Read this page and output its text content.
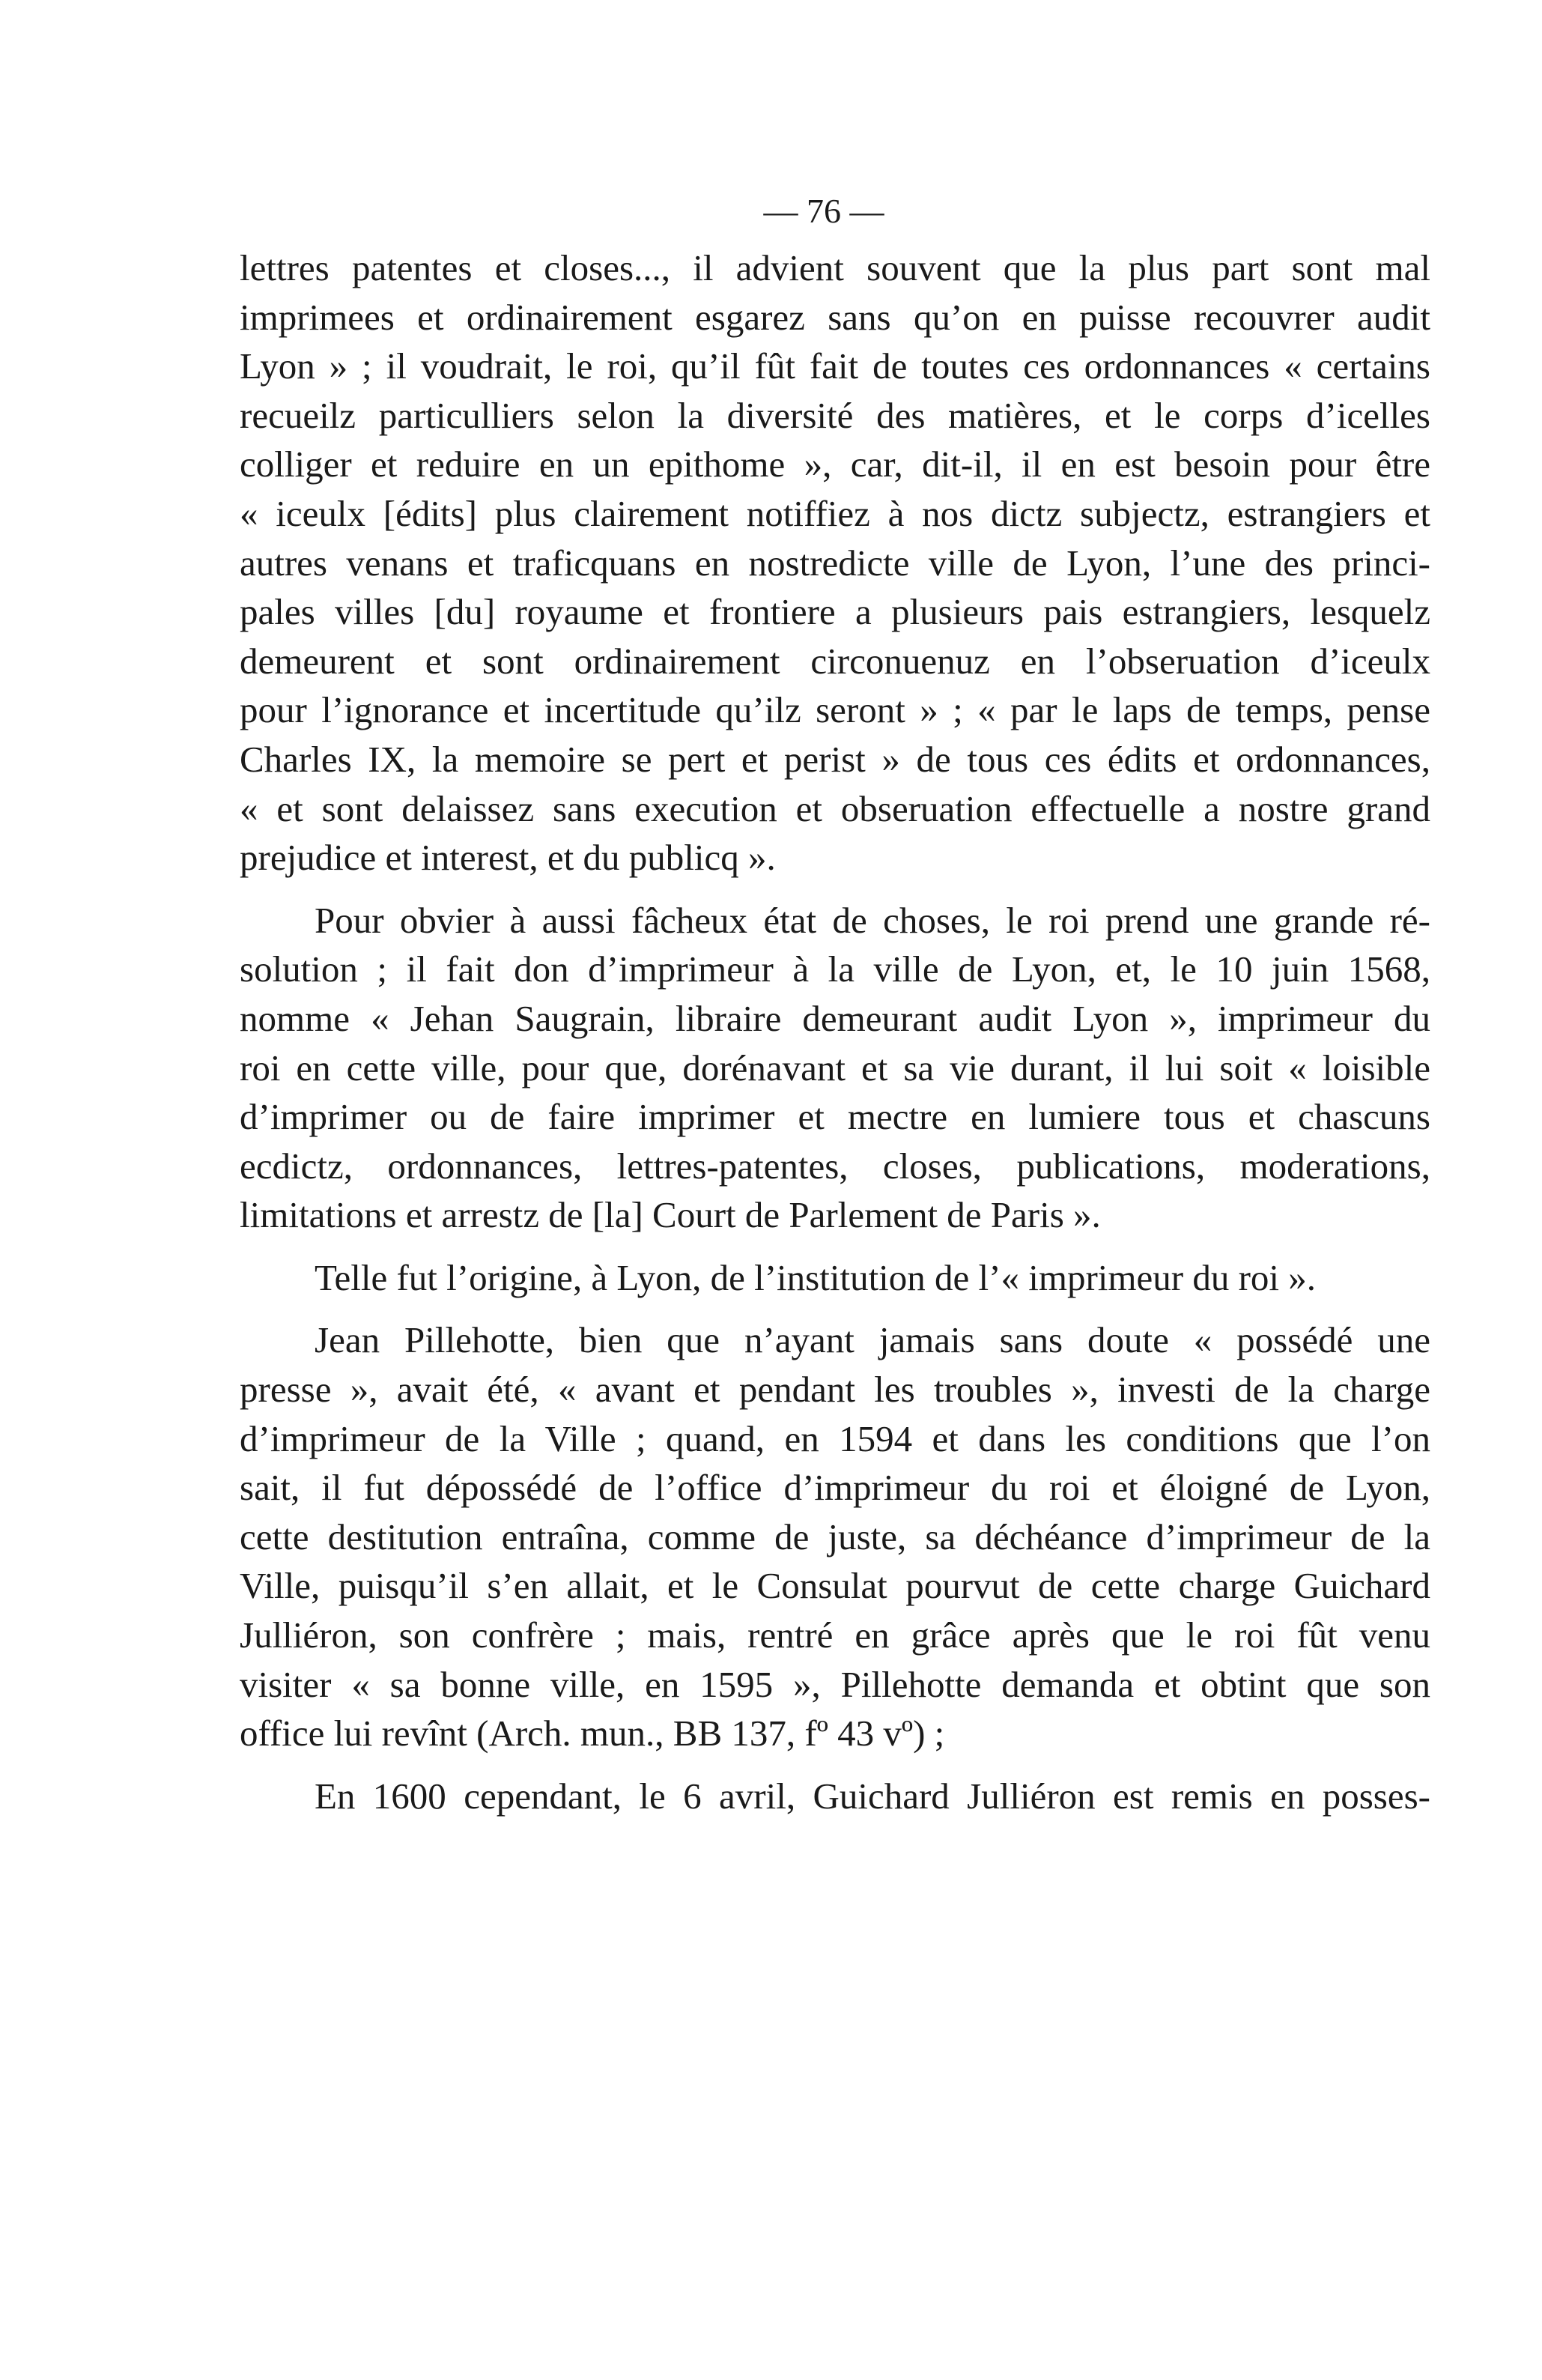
— 76 —
lettres patentes et closes..., il advient souvent que la plus part sont mal
imprimees et ordinairement esgarez sans qu’on en puisse recouvrer audit
Lyon » ; il voudrait, le roi, qu’il fût fait de toutes ces ordonnances « certains
recueilz particulliers selon la diversité des matières, et le corps d’icelles
colliger et reduire en un epithome », car, dit-il, il en est besoin pour être
« iceulx [édits] plus clairement notiffiez à nos dictz subjectz, estrangiers et
autres venans et traficquans en nostredicte ville de Lyon, l’une des princi-
pales villes [du] royaume et frontiere a plusieurs pais estrangiers, lesquelz
demeurent et sont ordinairement circonuenuz en l’obseruation d’iceulx
pour l’ignorance et incertitude qu’ilz seront » ; « par le laps de temps, pense
Charles IX, la memoire se pert et perist » de tous ces édits et ordonnances,
« et sont delaissez sans execution et obseruation effectuelle a nostre grand
prejudice et interest, et du publicq ».
Pour obvier à aussi fâcheux état de choses, le roi prend une grande ré-
solution ; il fait don d’imprimeur à la ville de Lyon, et, le 10 juin 1568,
nomme « Jehan Saugrain, libraire demeurant audit Lyon », imprimeur du
roi en cette ville, pour que, dorénavant et sa vie durant, il lui soit « loisible
d’imprimer ou de faire imprimer et mectre en lumiere tous et chascuns
ecdictz, ordonnances, lettres-patentes, closes, publications, moderations,
limitations et arrestz de [la] Court de Parlement de Paris ».
Telle fut l’origine, à Lyon, de l’institution de l’« imprimeur du roi ».
Jean Pillehotte, bien que n’ayant jamais sans doute « possédé une
presse », avait été, « avant et pendant les troubles », investi de la charge
d’imprimeur de la Ville ; quand, en 1594 et dans les conditions que l’on
sait, il fut dépossédé de l’office d’imprimeur du roi et éloigné de Lyon,
cette destitution entraîna, comme de juste, sa déchéance d’imprimeur de la
Ville, puisqu’il s’en allait, et le Consulat pourvut de cette charge Guichard
Julliéron, son confrère ; mais, rentré en grâce après que le roi fût venu
visiter « sa bonne ville, en 1595 », Pillehotte demanda et obtint que son
office lui revînt (Arch. mun., BB 137, fº 43 vº) ;
En 1600 cependant, le 6 avril, Guichard Julliéron est remis en posses-
